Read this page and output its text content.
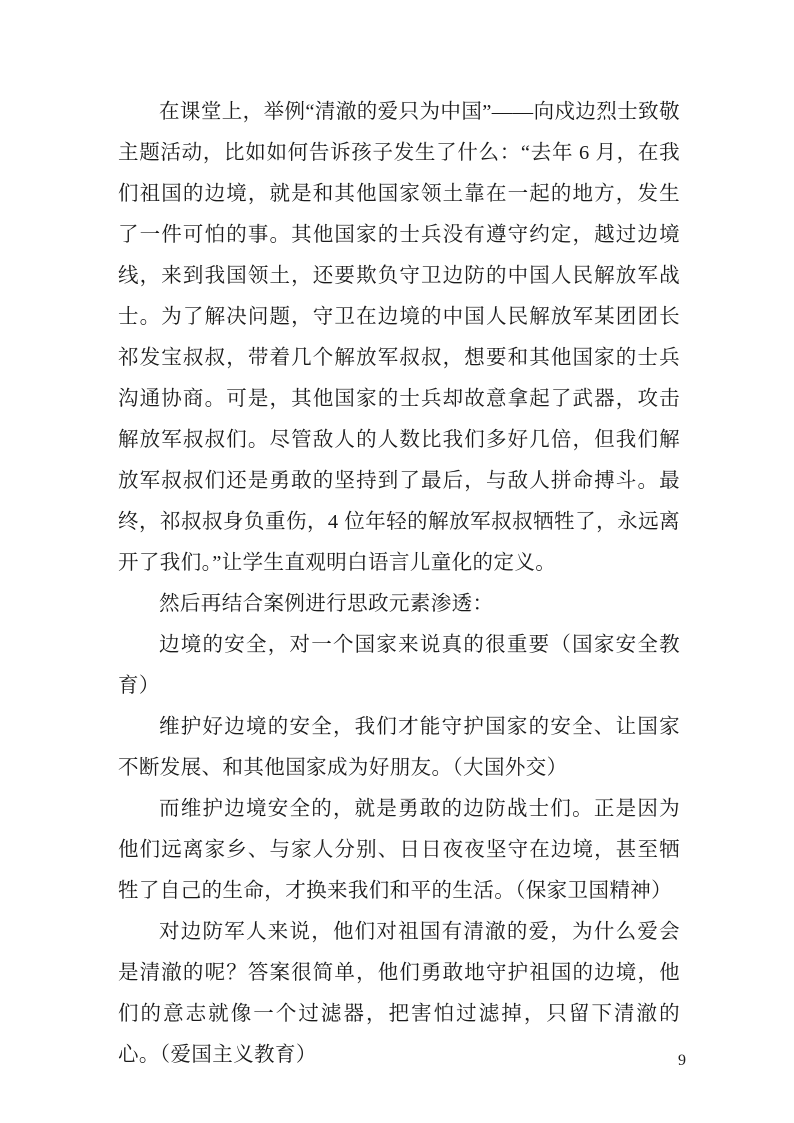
在课堂上，举例“清澈的爱只为中国”——向戍边烈士致敬主题活动，比如如何告诉孩子发生了什么：“去年 6 月，在我们祖国的边境，就是和其他国家领土靠在一起的地方，发生了一件可怕的事。其他国家的士兵没有遵守约定，越过边境线，来到我国领土，还要欺负守卫边防的中国人民解放军战士。为了解决问题，守卫在边境的中国人民解放军某团团长祁发宝叔叔，带着几个解放军叔叔，想要和其他国家的士兵沟通协商。可是，其他国家的士兵却故意拿起了武器，攻击解放军叔叔们。尽管敌人的人数比我们多好几倍，但我们解放军叔叔们还是勇敢的坚持到了最后，与敌人拼命搏斗。最终，祁叔叔身负重伤，4 位年轻的解放军叔叔牺牲了，永远离开了我们。”让学生直观明白语言儿童化的定义。

然后再结合案例进行思政元素渗透：

边境的安全，对一个国家来说真的很重要（国家安全教育）

维护好边境的安全，我们才能守护国家的安全、让国家不断发展、和其他国家成为好朋友。（大国外交）

而维护边境安全的，就是勇敢的边防战士们。正是因为他们远离家乡、与家人分别、日日夜夜坚守在边境，甚至牺牲了自己的生命，才换来我们和平的生活。（保家卫国精神）

对边防军人来说，他们对祖国有清澈的爱，为什么爱会是清澈的呢？答案很简单，他们勇敢地守护祖国的边境，他们的意志就像一个过滤器，把害怕过滤掉，只留下清澈的心。（爱国主义教育）	9
